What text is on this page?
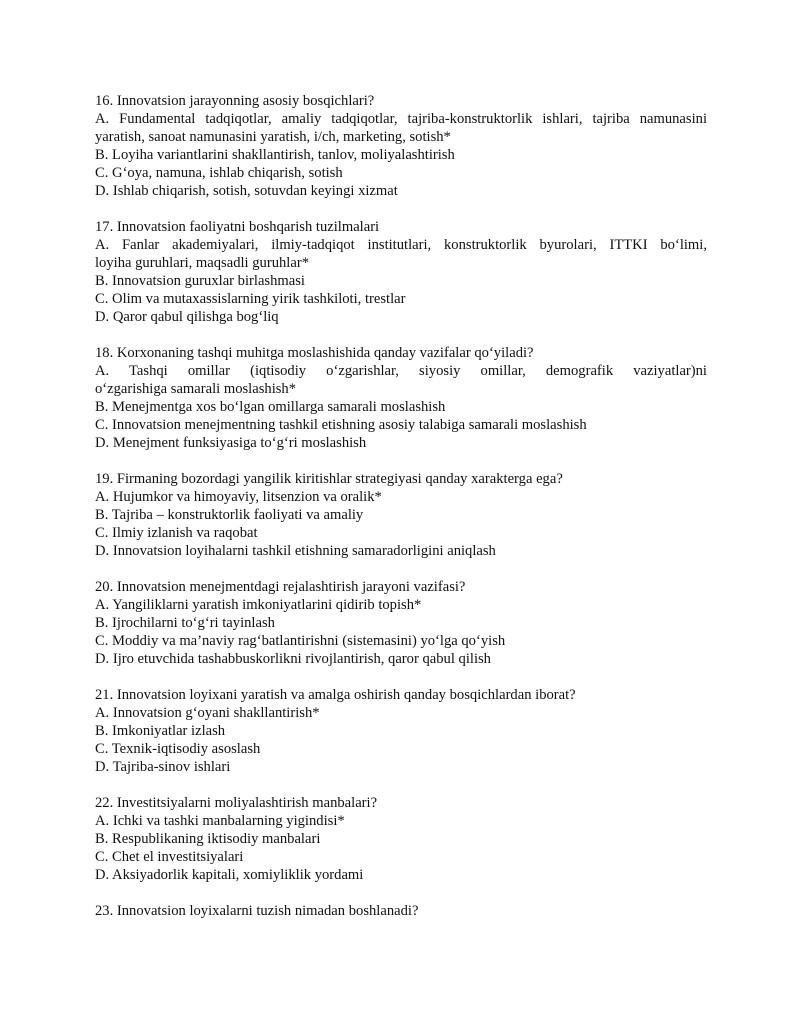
16. Innovatsion jarayonning asosiy bosqichlari?

A. Fundamental tadqiqotlar, amaliy tadqiqotlar, tajriba-konstruktorlik ishlari, tajriba namunasini

yaratish, sanoat namunasini yaratish, i/ch, marketing, sotish*

B. Loyiha variantlarini shakllantirish, tanlov, moliyalashtirish

C. G‘oya, namuna, ishlab chiqarish, sotish

D. Ishlab chiqarish, sotish, sotuvdan keyingi xizmat

17. Innovatsion faoliyatni boshqarish tuzilmalari

A. Fanlar akademiyalari, ilmiy-tadqiqot institutlari, konstruktorlik byurolari, ITTKI bo‘limi,

loyiha guruhlari, maqsadli guruhlar*

B. Innovatsion guruxlar birlashmasi

C. Olim va mutaxassislarning yirik tashkiloti, trestlar

D. Qaror qabul qilishga bog‘liq

18. Korxonaning tashqi muhitga moslashishida qanday vazifalar qo‘yiladi?

A. Tashqi omillar (iqtisodiy o‘zgarishlar, siyosiy omillar, demografik vaziyatlar)ni

o‘zgarishiga samarali moslashish*

B. Menejmentga xos bo‘lgan omillarga samarali moslashish

C. Innovatsion menejmentning tashkil etishning asosiy talabiga samarali moslashish

D. Menejment funksiyasiga to‘g‘ri moslashish

19. Firmaning bozordagi yangilik kiritishlar strategiyasi qanday xarakterga ega?

A. Hujumkor va himoyaviy, litsenzion va oralik*

B. Tajriba – konstruktorlik faoliyati va amaliy

C. Ilmiy izlanish va raqobat

D. Innovatsion loyihalarni tashkil etishning samaradorligini aniqlash

20. Innovatsion menejmentdagi rejalashtirish jarayoni vazifasi?

A. Yangiliklarni yaratish imkoniyatlarini qidirib topish*

B. Ijrochilarni to‘g‘ri tayinlash

C. Moddiy va ma’naviy rag‘batlantirishni (sistemasini) yo‘lga qo‘yish

D. Ijro etuvchida tashabbuskorlikni rivojlantirish, qaror qabul qilish

21. Innovatsion loyixani yaratish va amalga oshirish qanday bosqichlardan iborat?

A. Innovatsion g‘oyani shakllantirish*

B. Imkoniyatlar izlash

C. Texnik-iqtisodiy asoslash

D. Tajriba-sinov ishlari

22. Investitsiyalarni moliyalashtirish manbalari?

A. Ichki va tashki manbalarning yigindisi*

B. Respublikaning iktisodiy manbalari

C. Chet el investitsiyalari

D. Aksiyadorlik kapitali, xomiyliklik yordami

23. Innovatsion loyixalarni tuzish nimadan boshlanadi?
